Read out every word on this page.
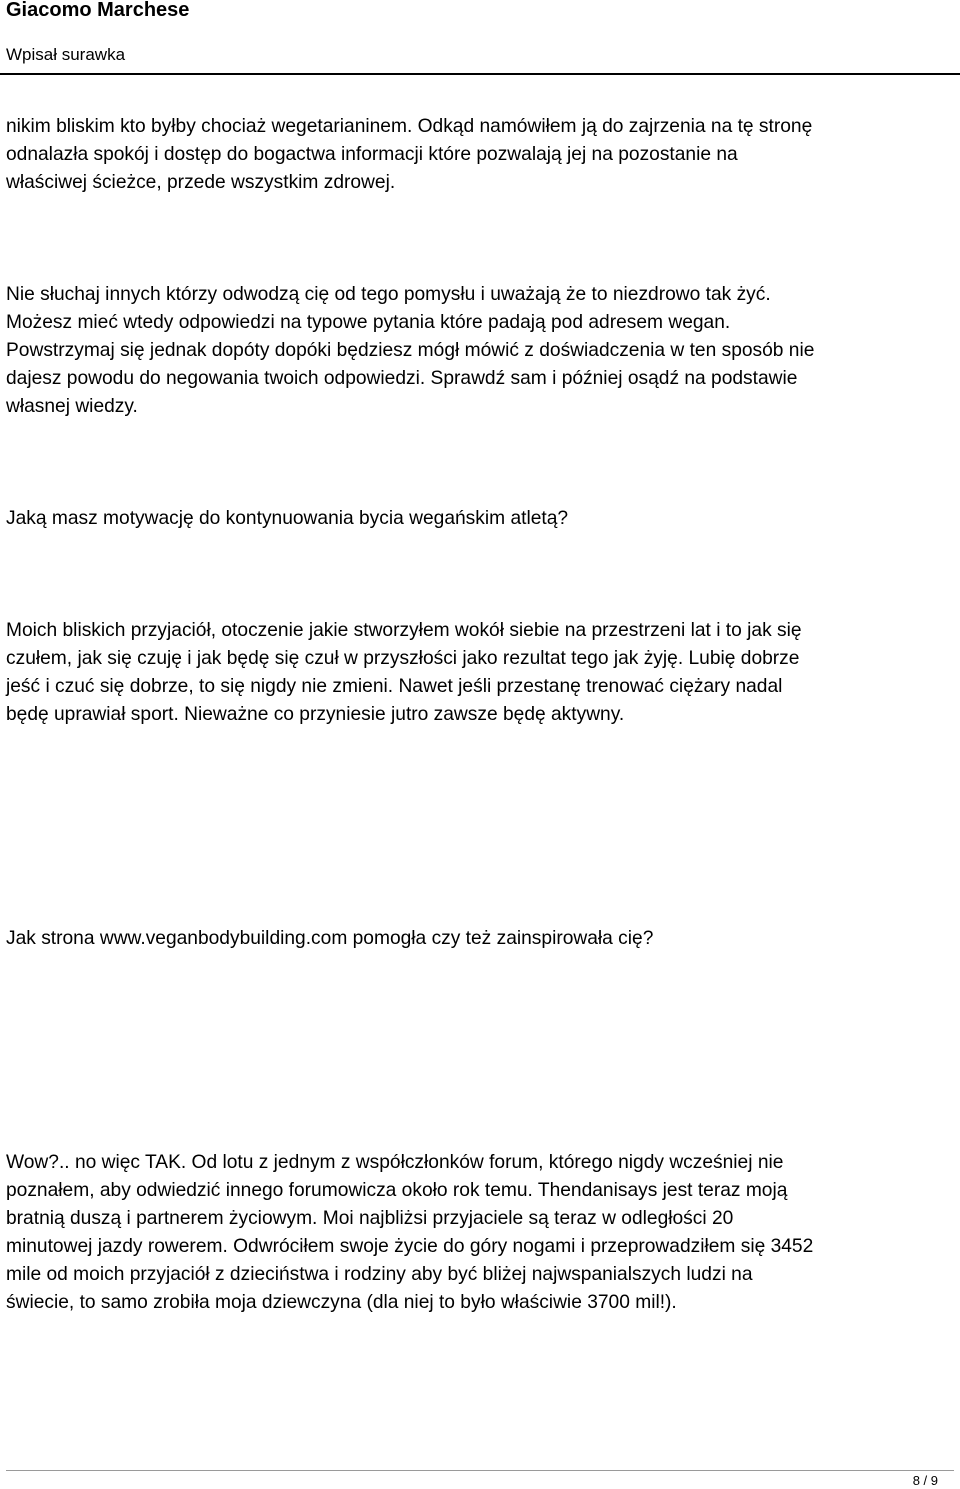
Giacomo Marchese
Wpisał surawka
nikim bliskim kto byłby chociaż wegetarianinem. Odkąd namówiłem ją do zajrzenia na tę stronę
odnalazła spokój i dostęp do bogactwa informacji które pozwalają jej na pozostanie na
właściwej ścieżce, przede wszystkim zdrowej.
Nie słuchaj innych którzy odwodzą cię od tego pomysłu i uważają że to niezdrowo tak żyć.
Możesz mieć wtedy odpowiedzi na typowe pytania które padają pod adresem wegan.
Powstrzymaj się jednak dopóty dopóki będziesz mógł mówić z doświadczenia w ten sposób nie
dajesz powodu do negowania twoich odpowiedzi. Sprawdź sam i później osądź na podstawie
własnej wiedzy.
Jaką masz motywację do kontynuowania bycia wegańskim atletą?
Moich bliskich przyjaciół, otoczenie jakie stworzyłem wokół siebie na przestrzeni lat i to jak się
czułem, jak się czuję i jak będę się czuł w przyszłości jako rezultat tego jak żyję. Lubię dobrze
jeść i czuć się dobrze, to się nigdy nie zmieni. Nawet jeśli przestanę trenować ciężary nadal
będę uprawiał sport. Nieważne co przyniesie jutro zawsze będę aktywny.
Jak strona www.veganbodybuilding.com pomogła czy też zainspirowała cię?
Wow?.. no więc TAK. Od lotu z jednym z współczłonków forum, którego nigdy wcześniej nie
poznałem, aby odwiedzić innego forumowicza około rok temu. Thendanisays jest teraz moją
bratnią duszą i partnerem życiowym. Moi najbliżsi przyjaciele są teraz w odległości 20
minutowej jazdy rowerem. Odwróciłem swoje życie do góry nogami i przeprowadziłem się 3452
mile od moich przyjaciół z dzieciństwa i rodziny aby być bliżej najwspanialszych ludzi na
świecie, to samo zrobiła moja dziewczyna (dla niej to było właściwie 3700 mil!).
8 / 9
